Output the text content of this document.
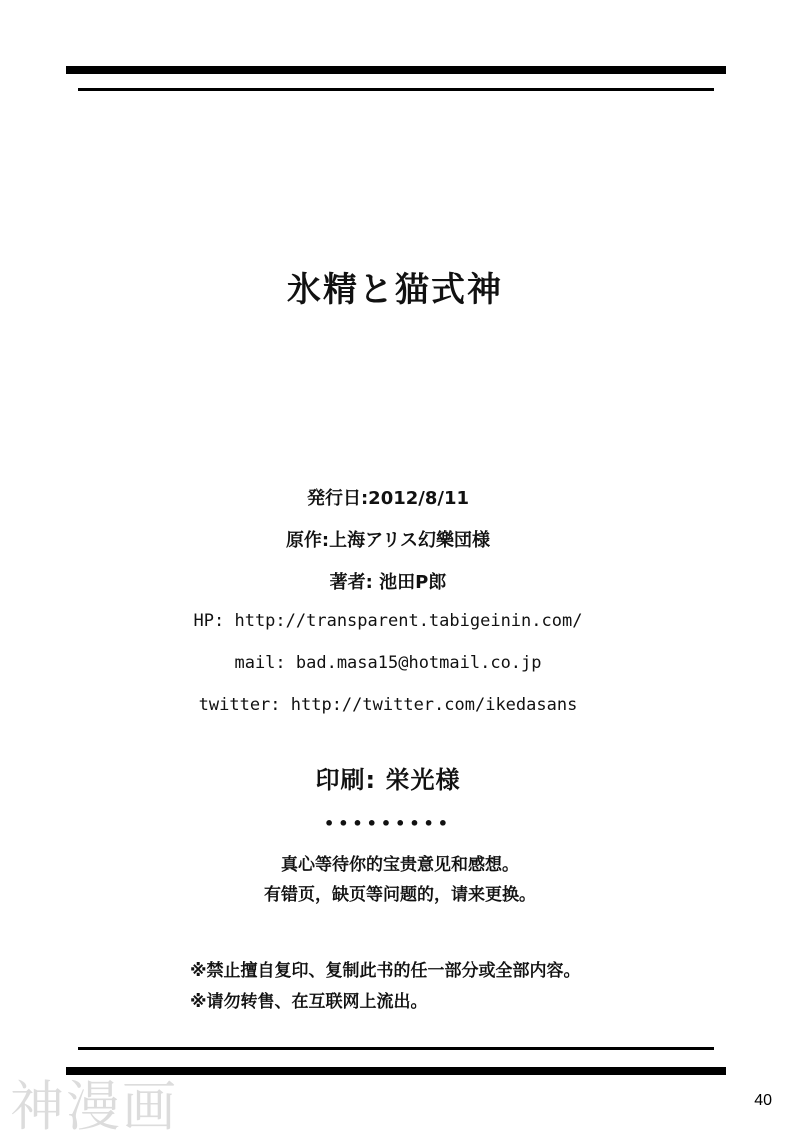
氷精と猫式神
発行日:2012/8/11
原作:上海アリス幻樂団様
著者: 池田P郎
HP: http://transparent.tabigeinin.com/
mail: bad.masa15@hotmail.co.jp
twitter: http://twitter.com/ikedasans
印刷: 栄光様
•••••••••
真心等待你的宝贵意见和感想。
有错页，缺页等问题的，请来更换。
※禁止擅自复印、复制此书的任一部分或全部内容。
※请勿转售、在互联网上流出。
神漫画	40
